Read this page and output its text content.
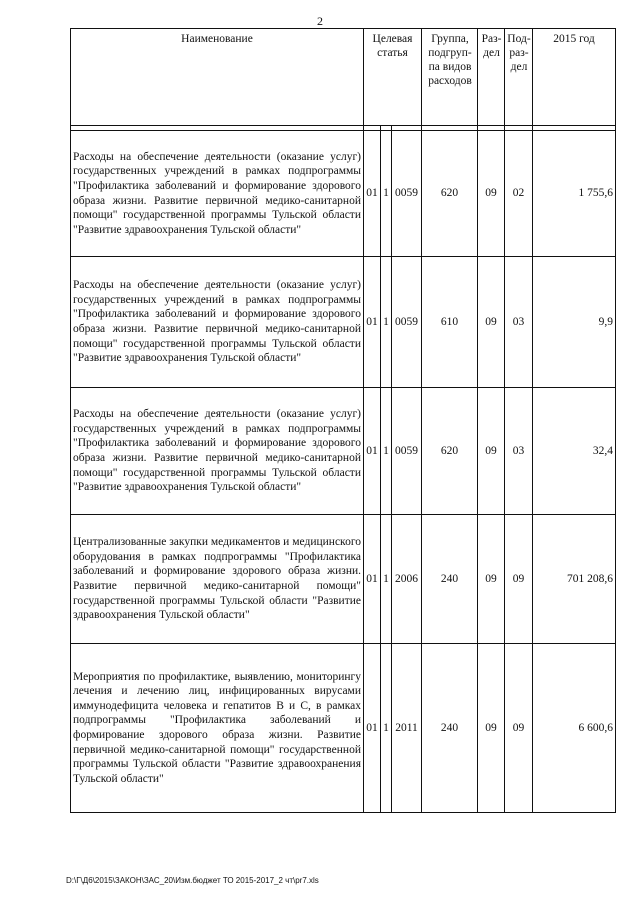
2
Наименование	Целевая статья			Группа, подгруп-па видов расходов	Раз-дел	Под-раз-дел	2015 год

Расходы на обеспечение деятельности (оказание услуг) государственных учреждений в рамках подпрограммы "Профилактика заболеваний и формирование здорового образа жизни. Развитие первичной медико-санитарной помощи" государственной программы Тульской области "Развитие здравоохранения Тульской области"	01	1	0059	620	09	02	1 755,6
Расходы на обеспечение деятельности (оказание услуг) государственных учреждений в рамках подпрограммы "Профилактика заболеваний и формирование здорового образа жизни. Развитие первичной медико-санитарной помощи" государственной программы Тульской области "Развитие здравоохранения Тульской области"	01	1	0059	610	09	03	9,9
Расходы на обеспечение деятельности (оказание услуг) государственных учреждений в рамках подпрограммы "Профилактика заболеваний и формирование здорового образа жизни. Развитие первичной медико-санитарной помощи" государственной программы Тульской области "Развитие здравоохранения Тульской области"	01	1	0059	620	09	03	32,4
Централизованные закупки медикаментов и медицинского оборудования в рамках подпрограммы "Профилактика заболеваний и формирование здорового образа жизни. Развитие первичной медико-санитарной помощи" государственной программы Тульской области "Развитие здравоохранения Тульской области"	01	1	2006	240	09	09	701 208,6
Мероприятия по профилактике, выявлению, мониторингу лечения и лечению лиц, инфицированных вирусами иммунодефицита человека и гепатитов В и С, в рамках подпрограммы "Профилактика заболеваний и формирование здорового образа жизни. Развитие первичной медико-санитарной помощи" государственной программы Тульской области "Развитие здравоохранения Тульской области"	01	1	2011	240	09	09	6 600,6
D:\Г\Д6\2015\ЗАКОН\ЗАС_20\Изм.бюджет ТО 2015-2017_2 чт\pr7.xls
